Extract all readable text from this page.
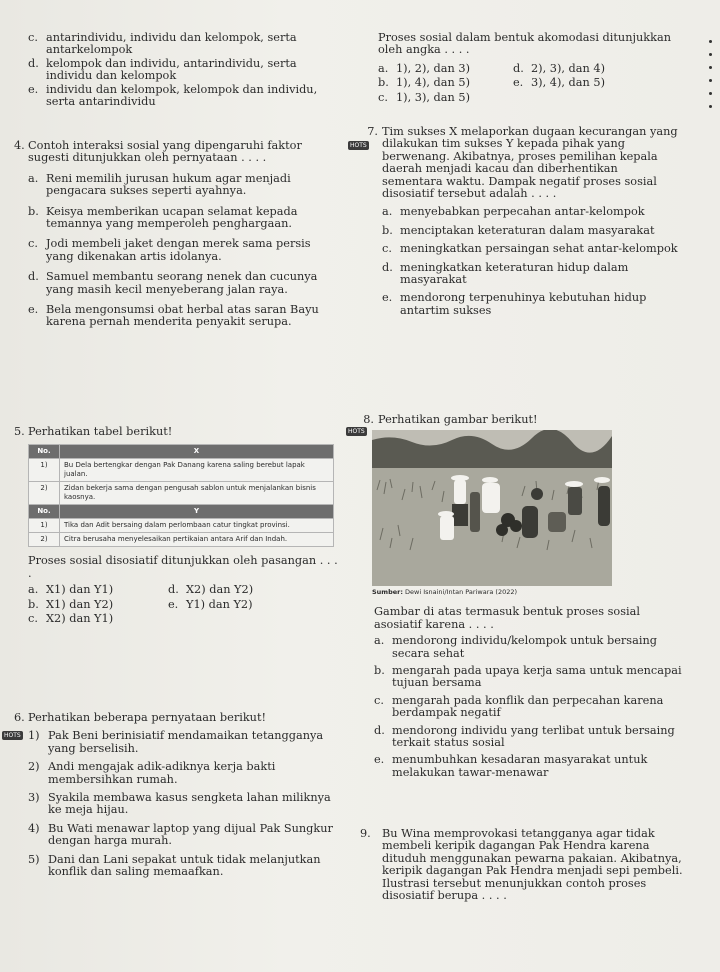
c. antarindividu, individu dan kelompok, serta antarkelompok
d. kelompok dan individu, antarindividu, serta individu dan kelompok
e. individu dan kelompok, kelompok dan individu, serta antarindividu
4. Contoh interaksi sosial yang dipengaruhi faktor sugesti ditunjukkan oleh pernyataan . . . .
a. Reni memilih jurusan hukum agar menjadi pengacara sukses seperti ayahnya.
b. Keisya memberikan ucapan selamat kepada temannya yang memperoleh penghargaan.
c. Jodi membeli jaket dengan merek sama persis yang dikenakan artis idolanya.
d. Samuel membantu seorang nenek dan cucunya yang masih kecil menyeberang jalan raya.
e. Bela mengonsumsi obat herbal atas saran Bayu karena pernah menderita penyakit serupa.
5. Perhatikan tabel berikut!
No.	X
1)	Bu Dela bertengkar dengan Pak Danang karena saling berebut lapak jualan.
2)	Zidan bekerja sama dengan pengusah sablon untuk menjalankan bisnis kaosnya.
No.	Y
1)	Tika dan Adit bersaing dalam perlombaan catur tingkat provinsi.
2)	Citra berusaha menyelesaikan pertikaian antara Arif dan Indah.
Proses sosial disosiatif ditunjukkan oleh pasangan . . . .
a. X1) dan Y1)	d. X2) dan Y2)
b. X1) dan Y2)	e. Y1) dan Y2)
c. X2) dan Y1)
6. Perhatikan beberapa pernyataan berikut!
HOTS 1) Pak Beni berinisiatif mendamaikan tetangganya yang berselisih.
2) Andi mengajak adik-adiknya kerja bakti membersihkan rumah.
3) Syakila membawa kasus sengketa lahan miliknya ke meja hijau.
4) Bu Wati menawar laptop yang dijual Pak Sungkur dengan harga murah.
5) Dani dan Lani sepakat untuk tidak melanjutkan konflik dan saling memaafkan.
Proses sosial dalam bentuk akomodasi ditunjukkan oleh angka . . . .
a. 1), 2), dan 3)	d. 2), 3), dan 4)
b. 1), 4), dan 5)	e. 3), 4), dan 5)
c. 1), 3), dan 5)
HOTS
7. Tim sukses X melaporkan dugaan kecurangan yang dilakukan tim sukses Y kepada pihak yang berwenang. Akibatnya, proses pemilihan kepala daerah menjadi kacau dan diberhentikan sementara waktu. Dampak negatif proses sosial disosiatif tersebut adalah . . . .
a. menyebabkan perpecahan antar-kelompok
b. menciptakan keteraturan dalam masyarakat
c. meningkatkan persaingan sehat antar-kelompok
d. meningkatkan keteraturan hidup dalam masyarakat
e. mendorong terpenuhinya kebutuhan hidup antartim sukses
8. Perhatikan gambar berikut!
HOTS
Sumber: Dewi Isnaini/Intan Pariwara (2022)
Gambar di atas termasuk bentuk proses sosial asosiatif karena . . . .
a. mendorong individu/kelompok untuk bersaing secara sehat
b. mengarah pada upaya kerja sama untuk mencapai tujuan bersama
c. mengarah pada konflik dan perpecahan karena berdampak negatif
d. mendorong individu yang terlibat untuk bersaing terkait status sosial
e. menumbuhkan kesadaran masyarakat untuk melakukan tawar-menawar
9. Bu Wina memprovokasi tetangganya agar tidak membeli keripik dagangan Pak Hendra karena dituduh menggunakan pewarna pakaian. Akibatnya, keripik dagangan Pak Hendra menjadi sepi pembeli. Ilustrasi tersebut menunjukkan contoh proses disosiatif berupa . . . .
